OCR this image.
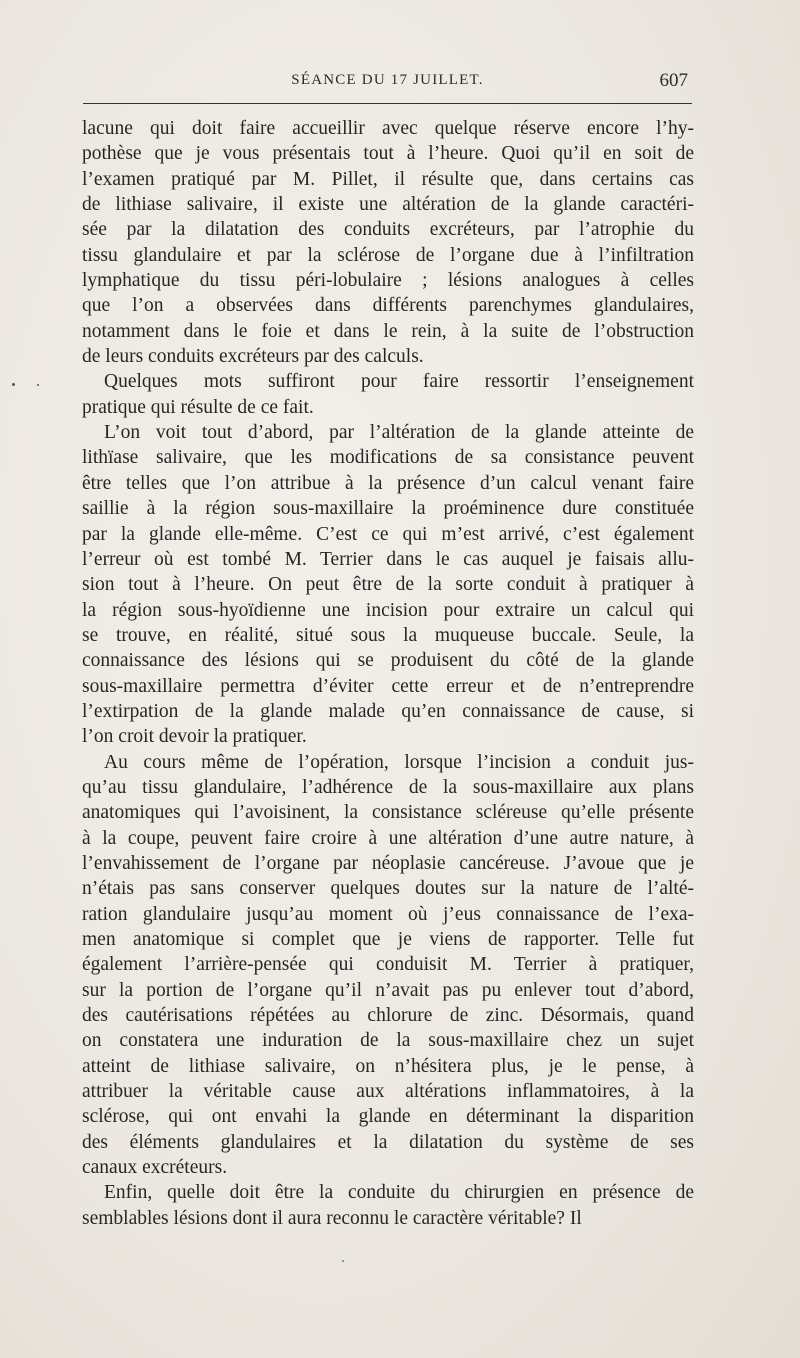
SÉANCE DU 17 JUILLET.	607

lacune qui doit faire accueillir avec quelque réserve encore l’hy-
pothèse que je vous présentais tout à l’heure. Quoi qu’il en soit de
l’examen pratiqué par M. Pillet, il résulte que, dans certains cas
de lithiase salivaire, il existe une altération de la glande caractéri-
sée par la dilatation des conduits excréteurs, par l’atrophie du
tissu glandulaire et par la sclérose de l’organe due à l’infiltration
lymphatique du tissu péri-lobulaire ; lésions analogues à celles
que l’on a observées dans différents parenchymes glandulaires,
notamment dans le foie et dans le rein, à la suite de l’obstruction
de leurs conduits excréteurs par des calculs.

Quelques mots suffiront pour faire ressortir l’enseignement
pratique qui résulte de ce fait.

L’on voit tout d’abord, par l’altération de la glande atteinte de
lithïase salivaire, que les modifications de sa consistance peuvent
être telles que l’on attribue à la présence d’un calcul venant faire
saillie à la région sous-maxillaire la proéminence dure constituée
par la glande elle-même. C’est ce qui m’est arrivé, c’est également
l’erreur où est tombé M. Terrier dans le cas auquel je faisais allu-
sion tout à l’heure. On peut être de la sorte conduit à pratiquer à
la région sous-hyoïdienne une incision pour extraire un calcul qui
se trouve, en réalité, situé sous la muqueuse buccale. Seule, la
connaissance des lésions qui se produisent du côté de la glande
sous-maxillaire permettra d’éviter cette erreur et de n’entreprendre
l’extirpation de la glande malade qu’en connaissance de cause, si
l’on croit devoir la pratiquer.

Au cours même de l’opération, lorsque l’incision a conduit jus-
qu’au tissu glandulaire, l’adhérence de la sous-maxillaire aux plans
anatomiques qui l’avoisinent, la consistance scléreuse qu’elle présente
à la coupe, peuvent faire croire à une altération d’une autre nature, à
l’envahissement de l’organe par néoplasie cancéreuse. J’avoue que je
n’étais pas sans conserver quelques doutes sur la nature de l’alté-
ration glandulaire jusqu’au moment où j’eus connaissance de l’exa-
men anatomique si complet que je viens de rapporter. Telle fut
également l’arrière-pensée qui conduisit M. Terrier à pratiquer,
sur la portion de l’organe qu’il n’avait pas pu enlever tout d’abord,
des cautérisations répétées au chlorure de zinc. Désormais, quand
on constatera une induration de la sous-maxillaire chez un sujet
atteint de lithiase salivaire, on n’hésitera plus, je le pense, à
attribuer la véritable cause aux altérations inflammatoires, à la
sclérose, qui ont envahi la glande en déterminant la disparition
des éléments glandulaires et la dilatation du système de ses
canaux excréteurs.

Enfin, quelle doit être la conduite du chirurgien en présence de
semblables lésions dont il aura reconnu le caractère véritable? Il
